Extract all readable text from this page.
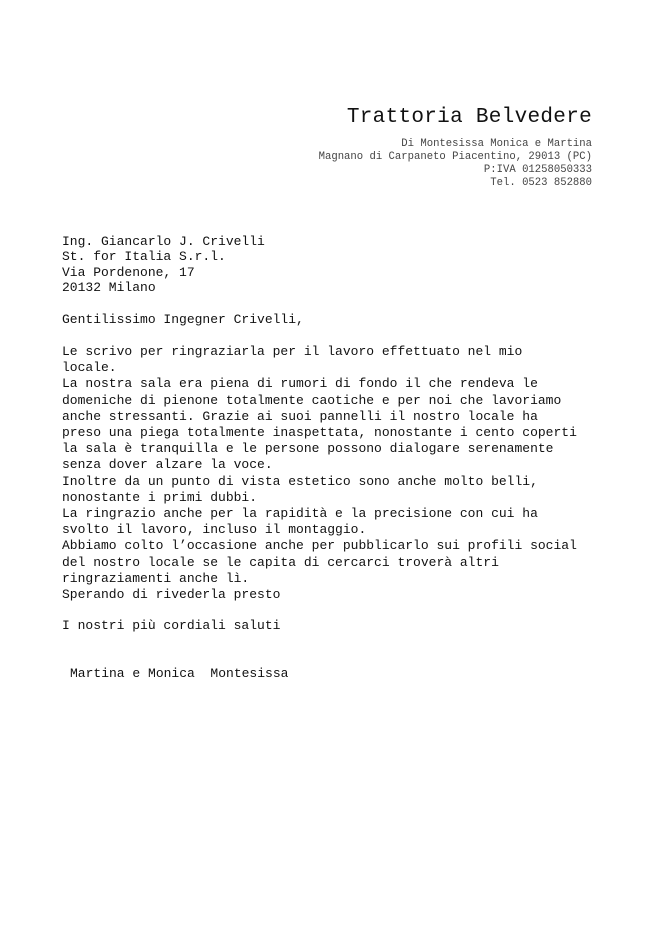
Trattoria Belvedere
Di Montesissa Monica e Martina
Magnano di Carpaneto Piacentino, 29013 (PC)
P:IVA 01258050333
Tel. 0523 852880
Ing. Giancarlo J. Crivelli
St. for Italia S.r.l.
Via Pordenone, 17
20132 Milano
Gentilissimo Ingegner Crivelli,
Le scrivo per ringraziarla per il lavoro effettuato nel mio
locale.
La nostra sala era piena di rumori di fondo il che rendeva le
domeniche di pienone totalmente caotiche e per noi che lavoriamo
anche stressanti. Grazie ai suoi pannelli il nostro locale ha
preso una piega totalmente inaspettata, nonostante i cento coperti
la sala è tranquilla e le persone possono dialogare serenamente
senza dover alzare la voce.
Inoltre da un punto di vista estetico sono anche molto belli,
nonostante i primi dubbi.
La ringrazio anche per la rapidità e la precisione con cui ha
svolto il lavoro, incluso il montaggio.
Abbiamo colto l’occasione anche per pubblicarlo sui profili social
del nostro locale se le capita di cercarci troverà altri
ringraziamenti anche lì.
Sperando di rivederla presto
I nostri più cordiali saluti
Martina e Monica  Montesissa
